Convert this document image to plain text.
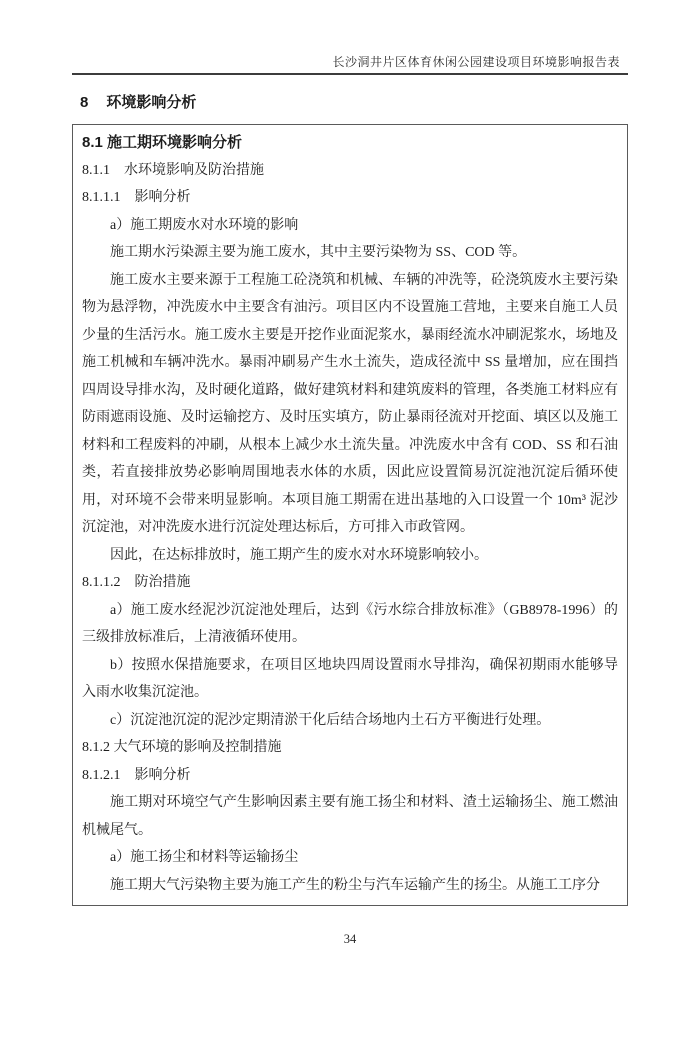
长沙洞井片区体育休闲公园建设项目环境影响报告表
8 环境影响分析
8.1 施工期环境影响分析
8.1.1　水环境影响及防治措施
8.1.1.1　影响分析
a）施工期废水对水环境的影响
施工期水污染源主要为施工废水，其中主要污染物为 SS、COD 等。
施工废水主要来源于工程施工砼浇筑和机械、车辆的冲洗等，砼浇筑废水主要污染物为悬浮物，冲洗废水中主要含有油污。项目区内不设置施工营地，主要来自施工人员少量的生活污水。施工废水主要是开挖作业面泥浆水，暴雨经流水冲刷泥浆水，场地及施工机械和车辆冲洗水。暴雨冲刷易产生水土流失，造成径流中 SS 量增加，应在围挡四周设导排水沟，及时硬化道路，做好建筑材料和建筑废料的管理，各类施工材料应有防雨遮雨设施、及时运输挖方、及时压实填方，防止暴雨径流对开挖面、填区以及施工材料和工程废料的冲刷，从根本上减少水土流失量。冲洗废水中含有 COD、SS 和石油类，若直接排放势必影响周围地表水体的水质，因此应设置简易沉淀池沉淀后循环使用，对环境不会带来明显影响。本项目施工期需在进出基地的入口设置一个 10m³ 泥沙沉淀池，对冲洗废水进行沉淀处理达标后，方可排入市政管网。
因此，在达标排放时，施工期产生的废水对水环境影响较小。
8.1.1.2　防治措施
a）施工废水经泥沙沉淀池处理后，达到《污水综合排放标准》（GB8978-1996）的三级排放标准后，上清液循环使用。
b）按照水保措施要求，在项目区地块四周设置雨水导排沟，确保初期雨水能够导入雨水收集沉淀池。
c）沉淀池沉淀的泥沙定期清淤干化后结合场地内土石方平衡进行处理。
8.1.2 大气环境的影响及控制措施
8.1.2.1　影响分析
施工期对环境空气产生影响因素主要有施工扬尘和材料、渣土运输扬尘、施工燃油机械尾气。
a）施工扬尘和材料等运输扬尘
施工期大气污染物主要为施工产生的粉尘与汽车运输产生的扬尘。从施工工序分
34
